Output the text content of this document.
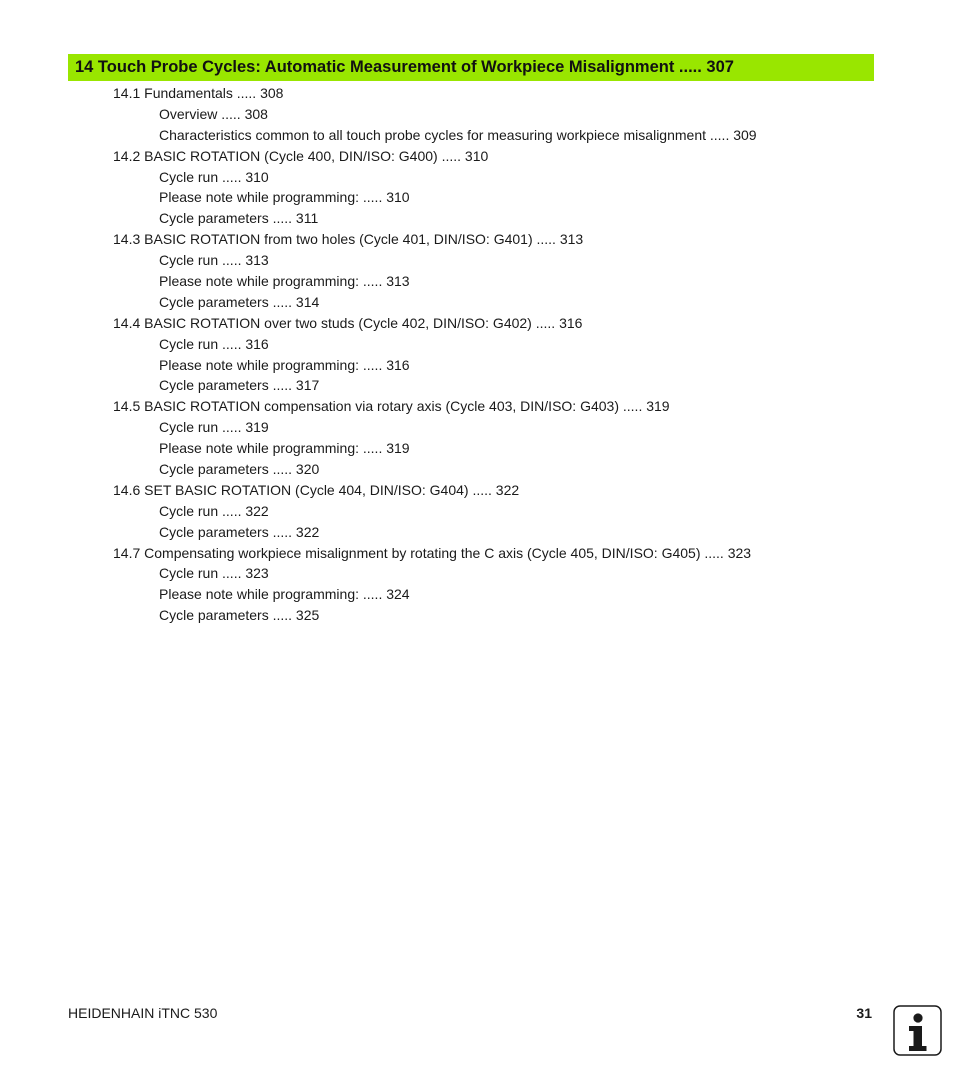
14 Touch Probe Cycles: Automatic Measurement of Workpiece Misalignment ..... 307
14.1 Fundamentals ..... 308
Overview ..... 308
Characteristics common to all touch probe cycles for measuring workpiece misalignment ..... 309
14.2 BASIC ROTATION (Cycle 400, DIN/ISO: G400) ..... 310
Cycle run ..... 310
Please note while programming: ..... 310
Cycle parameters ..... 311
14.3 BASIC ROTATION from two holes (Cycle 401, DIN/ISO: G401) ..... 313
Cycle run ..... 313
Please note while programming: ..... 313
Cycle parameters ..... 314
14.4 BASIC ROTATION over two studs (Cycle 402, DIN/ISO: G402) ..... 316
Cycle run ..... 316
Please note while programming: ..... 316
Cycle parameters ..... 317
14.5 BASIC ROTATION compensation via rotary axis (Cycle 403, DIN/ISO: G403) ..... 319
Cycle run ..... 319
Please note while programming: ..... 319
Cycle parameters ..... 320
14.6 SET BASIC ROTATION (Cycle 404, DIN/ISO: G404) ..... 322
Cycle run ..... 322
Cycle parameters ..... 322
14.7 Compensating workpiece misalignment by rotating the C axis (Cycle 405, DIN/ISO: G405) ..... 323
Cycle run ..... 323
Please note while programming: ..... 324
Cycle parameters ..... 325
HEIDENHAIN iTNC 530	31
